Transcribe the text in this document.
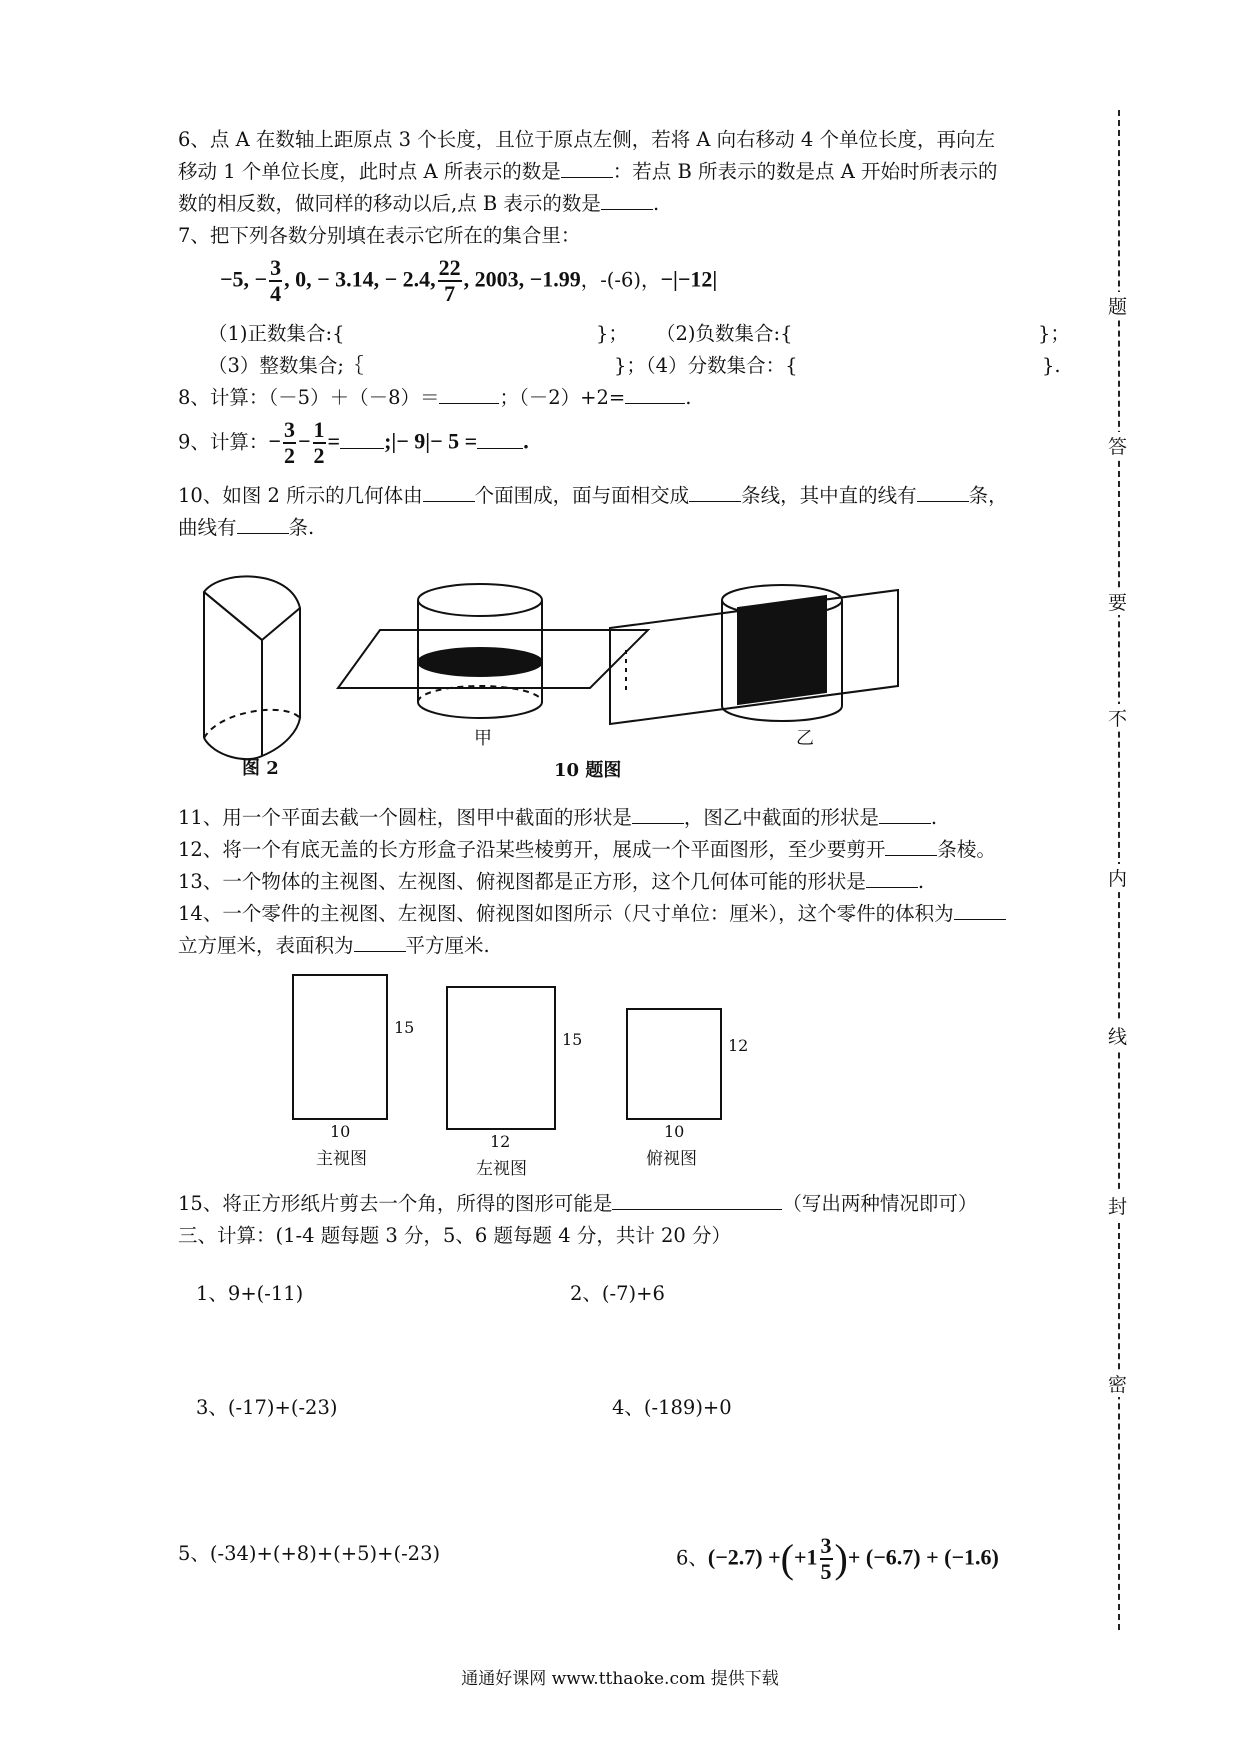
题
答
要
不
内
线
封
密
6、点 A 在数轴上距原点 3 个长度，且位于原点左侧，若将 A 向右移动 4 个单位长度，再向左
移动 1 个单位长度，此时点 A 所表示的数是	：若点 B 所表示的数是点 A 开始时所表示的
数的相反数，做同样的移动以后,点 B 表示的数是	.
7、把下列各数分别填在表示它所在的集合里：
−5, − $\frac{3}{4}$ , 0, − 3.14, − 2.4, $\frac{22}{7}$ , 2003, −1.99，-(-6)，−|−12|
（1)正数集合:{	}； （2)负数集合:{	}；
（3）整数集合;｛	}；（4）分数集合：{	}.
8、计算：（－5）＋（－8）＝	；（－2）+2=	.
9、计算：− $\frac{3}{2} - \frac{1}{2}$ = ;|− 9|− 5 = .
10、如图 2 所示的几何体由	个面围成，面与面相交成	条线，其中直的线有	条，
曲线有	条.
图 2
甲	乙
10 题图
11、用一个平面去截一个圆柱，图甲中截面的形状是	，图乙中截面的形状是	.
12、将一个有底无盖的长方形盒子沿某些棱剪开，展成一个平面图形，至少要剪开	条棱。
13、一个物体的主视图、左视图、俯视图都是正方形，这个几何体可能的形状是	.
14、一个零件的主视图、左视图、俯视图如图所示（尺寸单位：厘米），这个零件的体积为
立方厘米，表面积为	平方厘米.
15
10
主视图
15
12
左视图
12
10
俯视图
15、将正方形纸片剪去一个角，所得的图形可能是	（写出两种情况即可）
三、计算：(1-4 题每题 3 分，5、6 题每题 4 分，共计 20 分）
1、9+(-11)	2、(-7)+6
3、(-17)+(-23)	4、(-189)+0
5、(-34)+(+8)+(+5)+(-23)	6、$(-2.7) +(+1 \frac{3}{5}$ )+ (−6.7) + (−1.6)
通通好课网 www.tthaoke.com 提供下载
